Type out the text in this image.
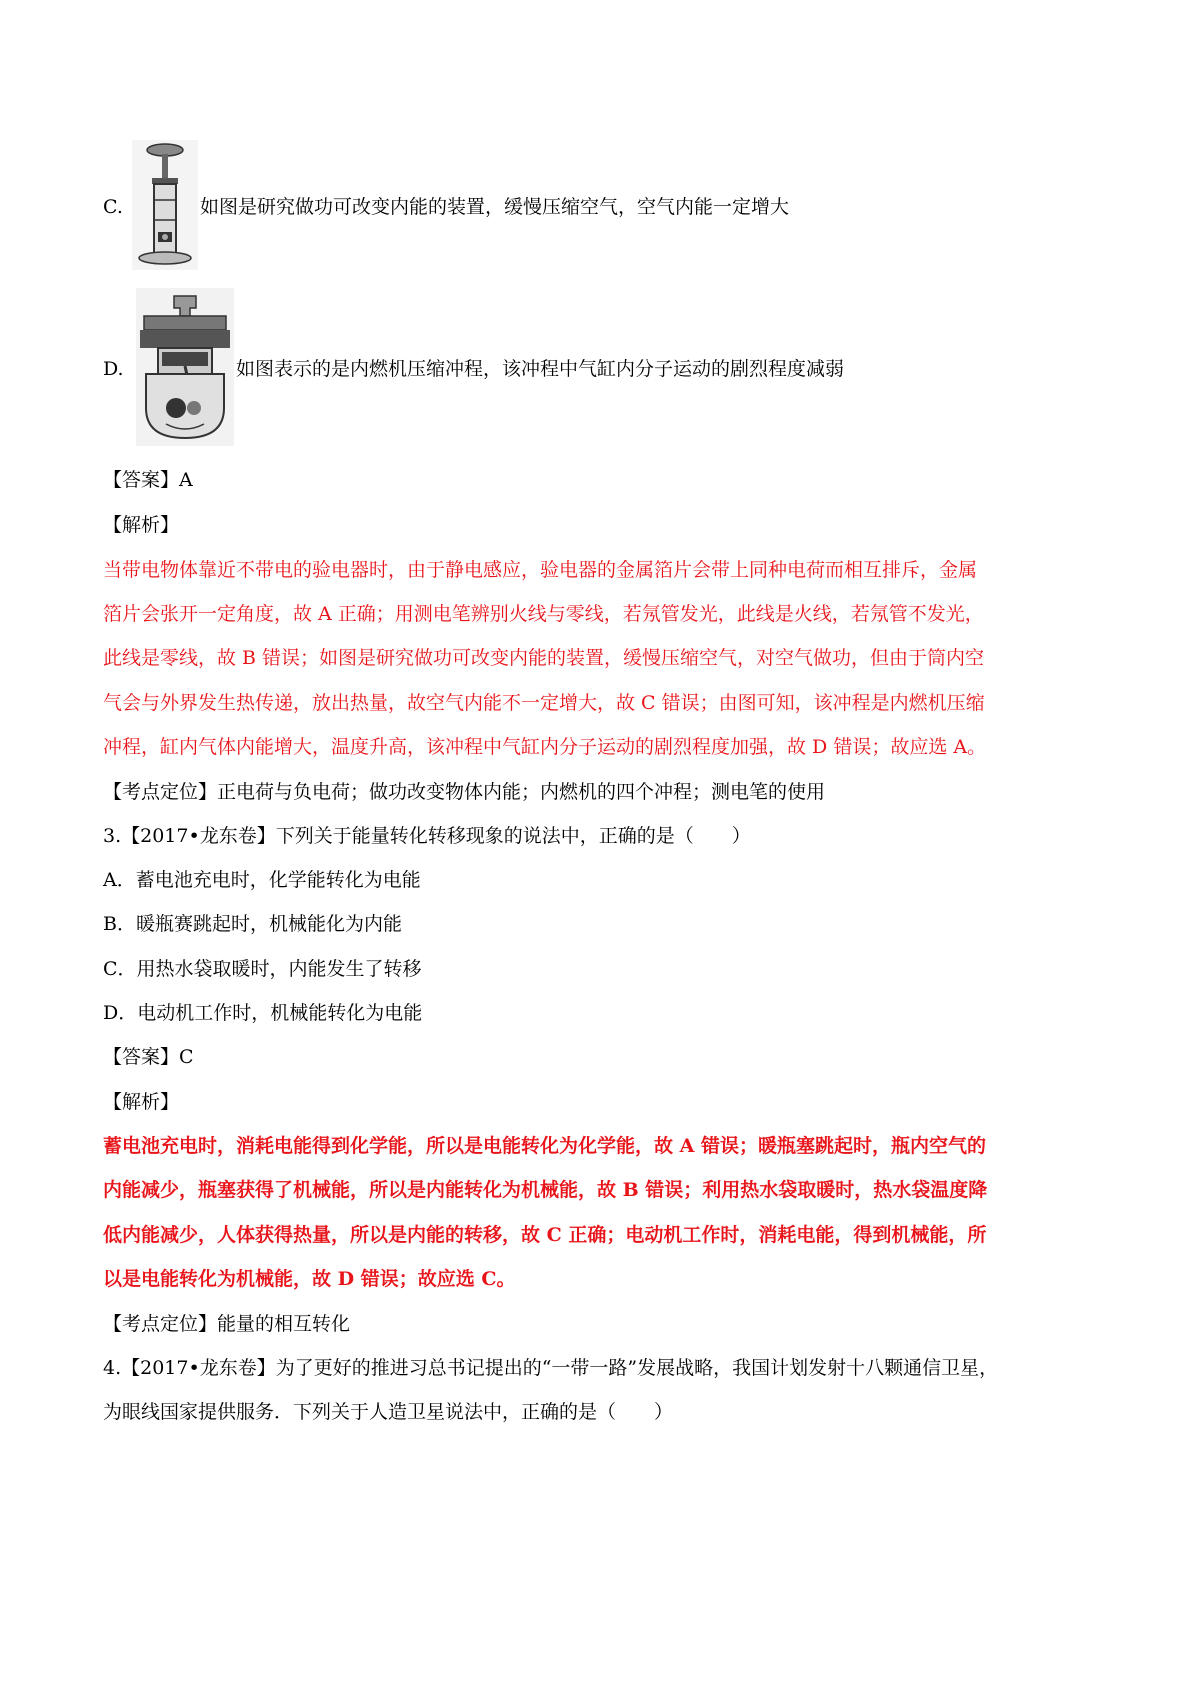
C.	如图是研究做功可改变内能的装置，缓慢压缩空气，空气内能一定增大
D.	如图表示的是内燃机压缩冲程，该冲程中气缸内分子运动的剧烈程度减弱
【答案】A
【解析】
当带电物体靠近不带电的验电器时，由于静电感应，验电器的金属箔片会带上同种电荷而相互排斥，金属
箔片会张开一定角度，故 A 正确；用测电笔辨别火线与零线，若氖管发光，此线是火线，若氖管不发光，
此线是零线，故 B 错误；如图是研究做功可改变内能的装置，缓慢压缩空气，对空气做功，但由于筒内空
气会与外界发生热传递，放出热量，故空气内能不一定增大，故 C 错误；由图可知，该冲程是内燃机压缩
冲程，缸内气体内能增大，温度升高，该冲程中气缸内分子运动的剧烈程度加强，故 D 错误；故应选 A。
【考点定位】正电荷与负电荷；做功改变物体内能；内燃机的四个冲程；测电笔的使用
3.【2017•龙东卷】下列关于能量转化转移现象的说法中，正确的是（　　）
A．蓄电池充电时，化学能转化为电能
B．暖瓶赛跳起时，机械能化为内能
C．用热水袋取暖时，内能发生了转移
D．电动机工作时，机械能转化为电能
【答案】C
【解析】
蓄电池充电时，消耗电能得到化学能，所以是电能转化为化学能，故 A 错误；暖瓶塞跳起时，瓶内空气的
内能减少，瓶塞获得了机械能，所以是内能转化为机械能，故 B 错误；利用热水袋取暖时，热水袋温度降
低内能减少，人体获得热量，所以是内能的转移，故 C 正确；电动机工作时，消耗电能，得到机械能，所
以是电能转化为机械能，故 D 错误；故应选 C。
【考点定位】能量的相互转化
4.【2017•龙东卷】为了更好的推进习总书记提出的“一带一路”发展战略，我国计划发射十八颗通信卫星，
为眼线国家提供服务．下列关于人造卫星说法中，正确的是（　　）
